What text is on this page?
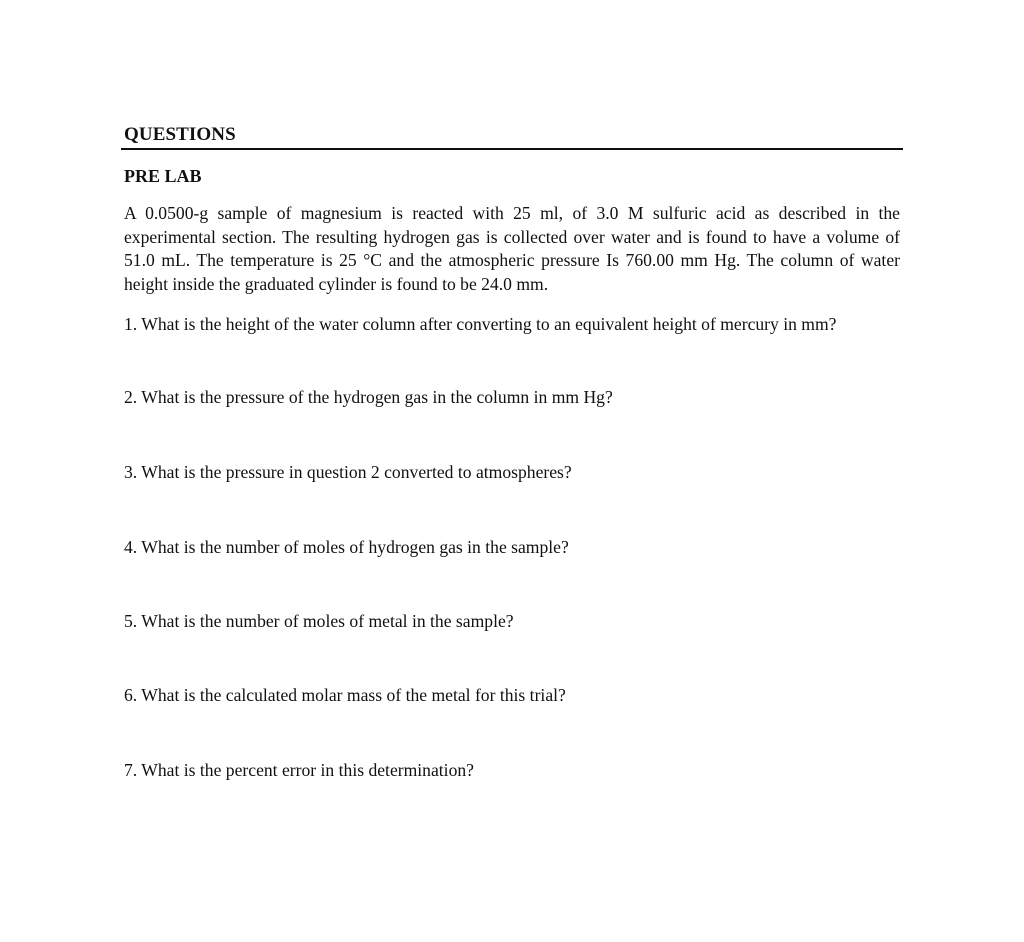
QUESTIONS
PRE LAB

A 0.0500-g sample of magnesium is reacted with 25 ml, of 3.0 M sulfuric acid as described in the experimental section. The resulting hydrogen gas is collected over water and is found to have a volume of 51.0 mL. The temperature is 25 °C and the atmospheric pressure Is 760.00 mm Hg. The column of water height inside the graduated cylinder is found to be 24.0 mm.

1. What is the height of the water column after converting to an equivalent height of mercury in mm?

2. What is the pressure of the hydrogen gas in the column in mm Hg?

3. What is the pressure in question 2 converted to atmospheres?

4. What is the number of moles of hydrogen gas in the sample?

5. What is the number of moles of metal in the sample?

6. What is the calculated molar mass of the metal for this trial?

7. What is the percent error in this determination?
